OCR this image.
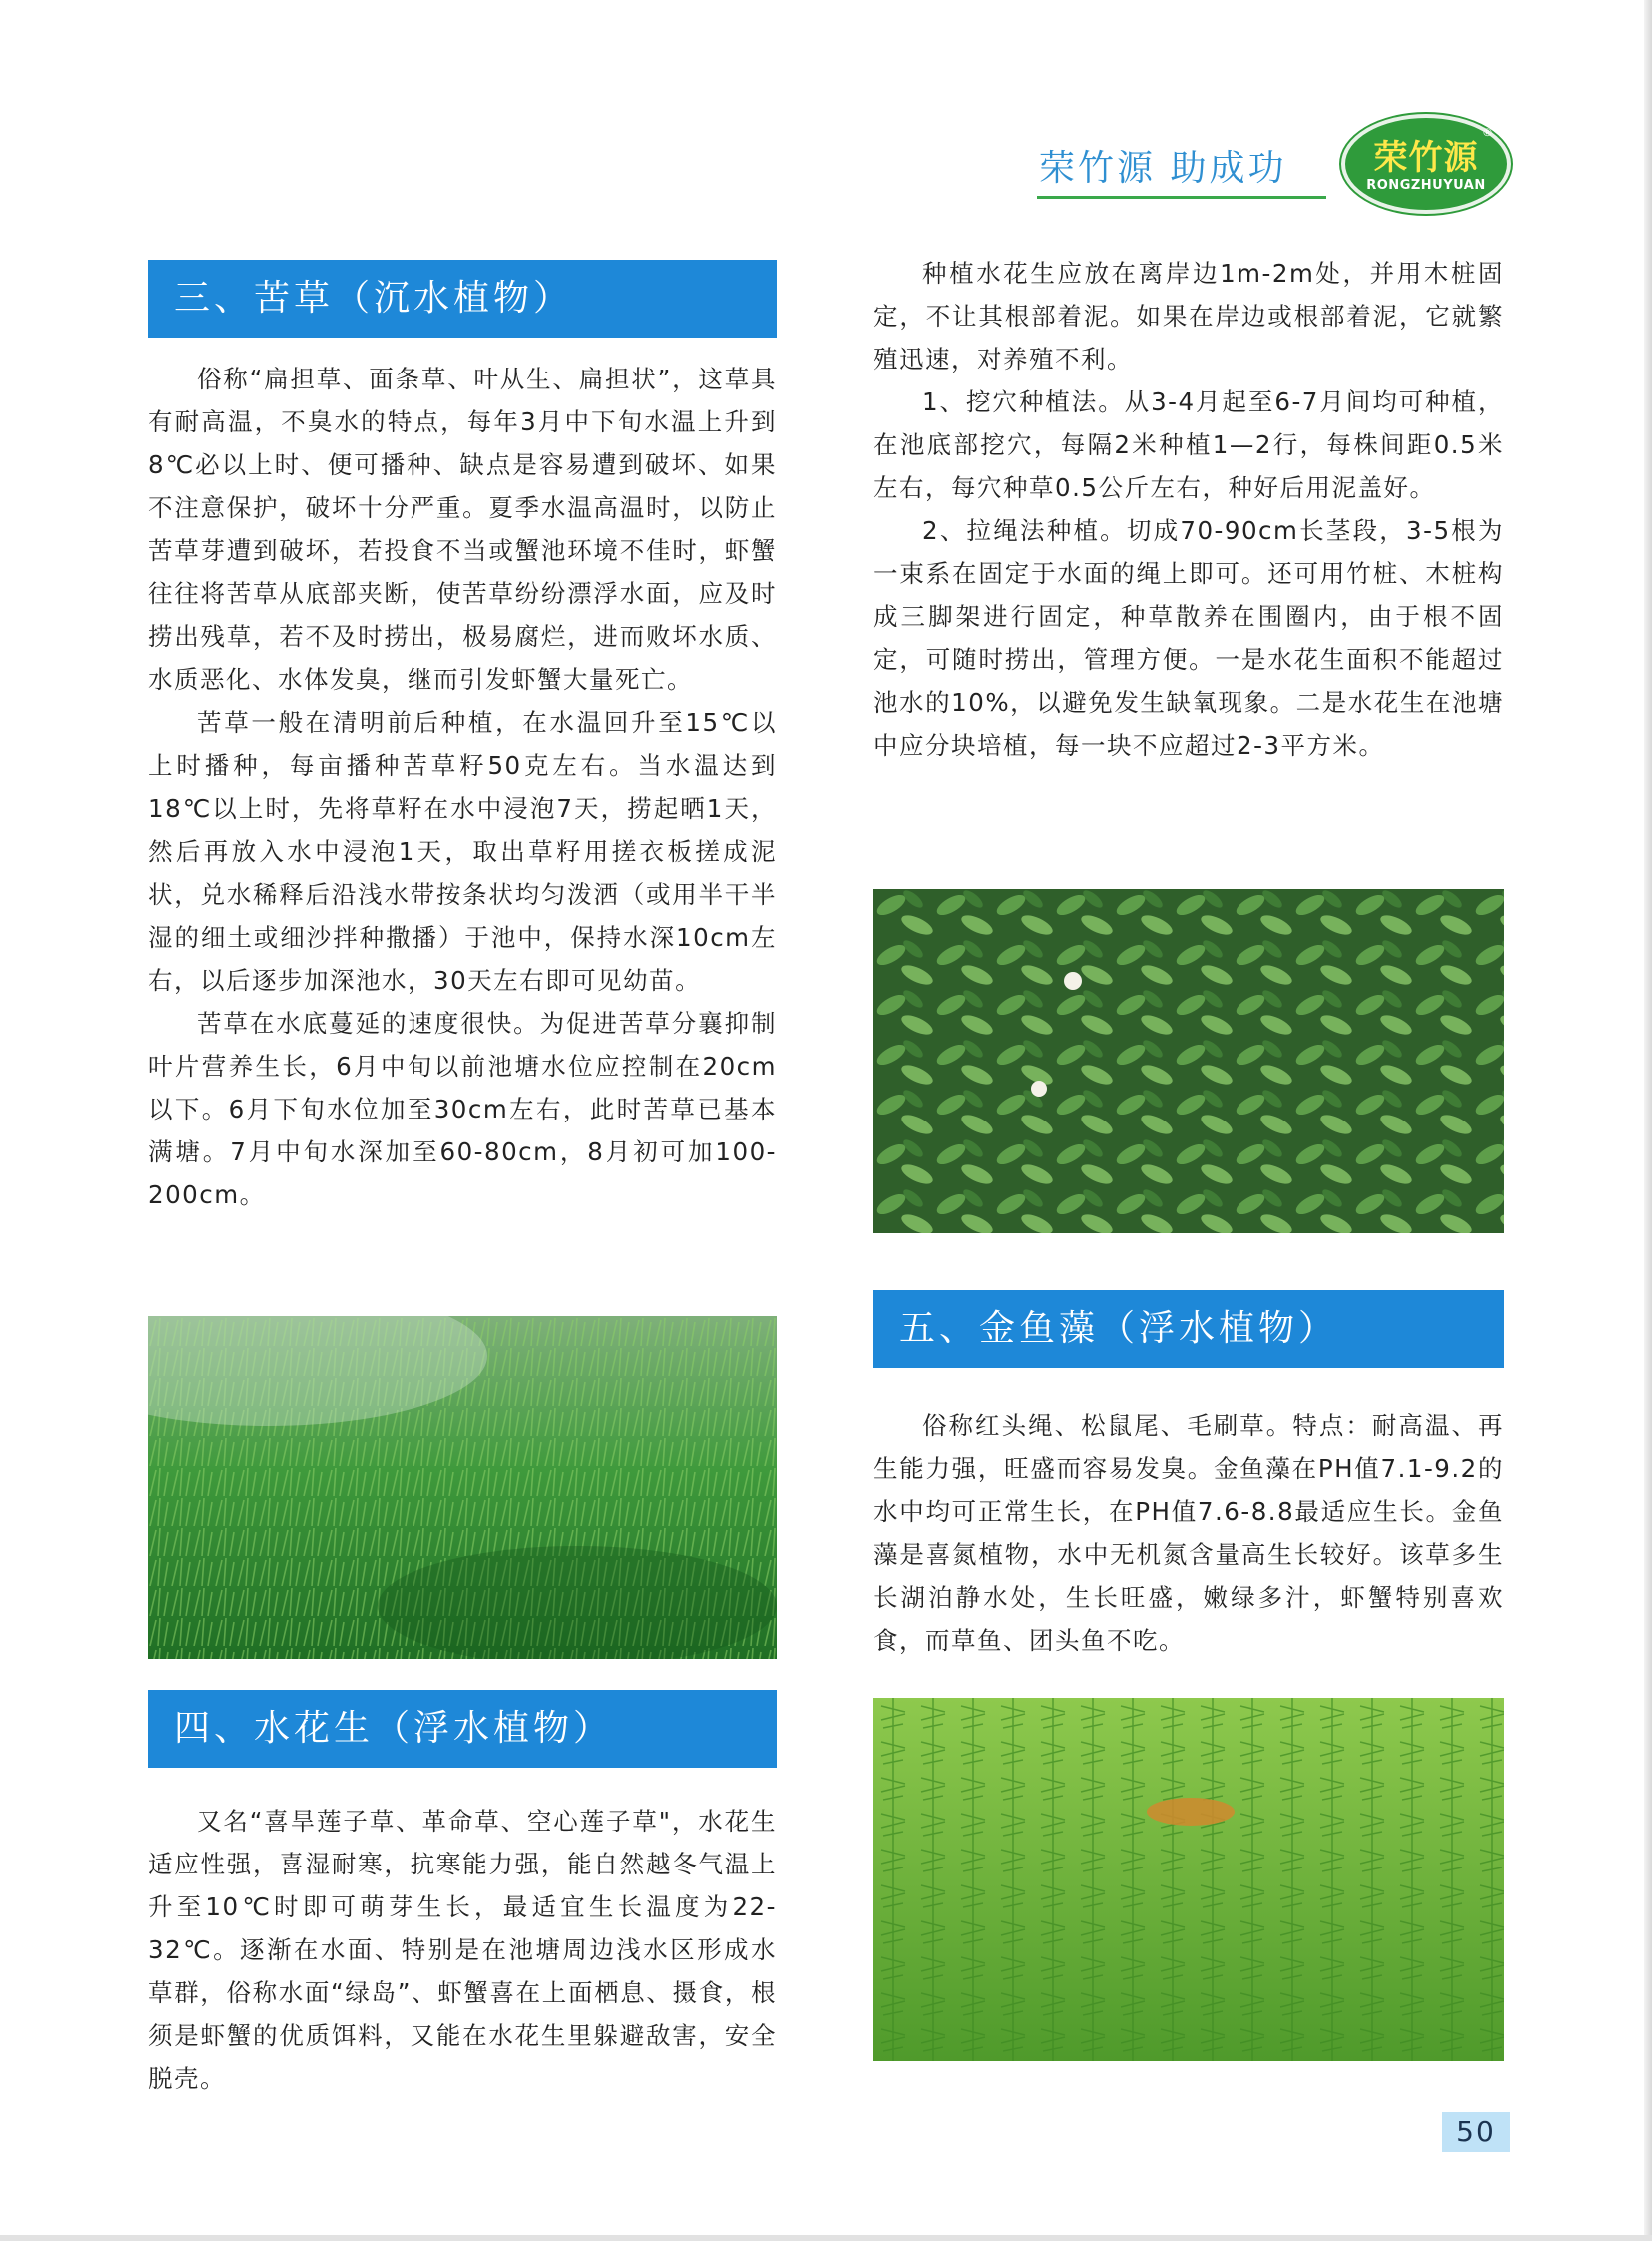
荣竹源 助成功	荣竹源
RONGZHUYUAN
®
三、苦草（沉水植物）

俗称“扁担草、面条草、叶从生、扁担状”，这草具有耐高温，不臭水的特点，每年3月中下旬水温上升到8℃必以上时、便可播种、缺点是容易遭到破坏、如果不注意保护，破坏十分严重。夏季水温高温时，以防止苦草芽遭到破坏，若投食不当或蟹池环境不佳时，虾蟹往往将苦草从底部夹断，使苦草纷纷漂浮水面，应及时捞出残草，若不及时捞出，极易腐烂，进而败坏水质、水质恶化、水体发臭，继而引发虾蟹大量死亡。

苦草一般在清明前后种植，在水温回升至15℃以上时播种，每亩播种苦草籽50克左右。当水温达到18℃以上时，先将草籽在水中浸泡7天，捞起晒1天，然后再放入水中浸泡1天，取出草籽用搓衣板搓成泥状，兑水稀释后沿浅水带按条状均匀泼洒（或用半干半湿的细土或细沙拌种撒播）于池中，保持水深10cm左右，以后逐步加深池水，30天左右即可见幼苗。

苦草在水底蔓延的速度很快。为促进苦草分襄抑制叶片营养生长，6月中旬以前池塘水位应控制在20cm以下。6月下旬水位加至30cm左右，此时苦草已基本满塘。7月中旬水深加至60-80cm，8月初可加100-200cm。

四、水花生（浮水植物）

又名“喜旱莲子草、革命草、空心莲子草"，水花生适应性强，喜湿耐寒，抗寒能力强，能自然越冬气温上升至10℃时即可萌芽生长，最适宜生长温度为22-32℃。逐渐在水面、特别是在池塘周边浅水区形成水草群，俗称水面“绿岛”、虾蟹喜在上面栖息、摄食，根须是虾蟹的优质饵料，又能在水花生里躲避敌害，安全脱壳。

种植水花生应放在离岸边1m-2m处，并用木桩固定，不让其根部着泥。如果在岸边或根部着泥，它就繁殖迅速，对养殖不利。

1、挖穴种植法。从3-4月起至6-7月间均可种植，在池底部挖穴，每隔2米种植1—2行，每株间距0.5米左右，每穴种草0.5公斤左右，种好后用泥盖好。

2、拉绳法种植。切成70-90cm长茎段，3-5根为一束系在固定于水面的绳上即可。还可用竹桩、木桩构成三脚架进行固定，种草散养在围圈内，由于根不固定，可随时捞出，管理方便。一是水花生面积不能超过池水的10%，以避免发生缺氧现象。二是水花生在池塘中应分块培植，每一块不应超过2-3平方米。

五、金鱼藻（浮水植物）

俗称红头绳、松鼠尾、毛刷草。特点：耐高温、再生能力强，旺盛而容易发臭。金鱼藻在PH值7.1-9.2的水中均可正常生长，在PH值7.6-8.8最适应生长。金鱼藻是喜氮植物，水中无机氮含量高生长较好。该草多生长湖泊静水处，生长旺盛，嫩绿多汁，虾蟹特别喜欢食，而草鱼、团头鱼不吃。

50
